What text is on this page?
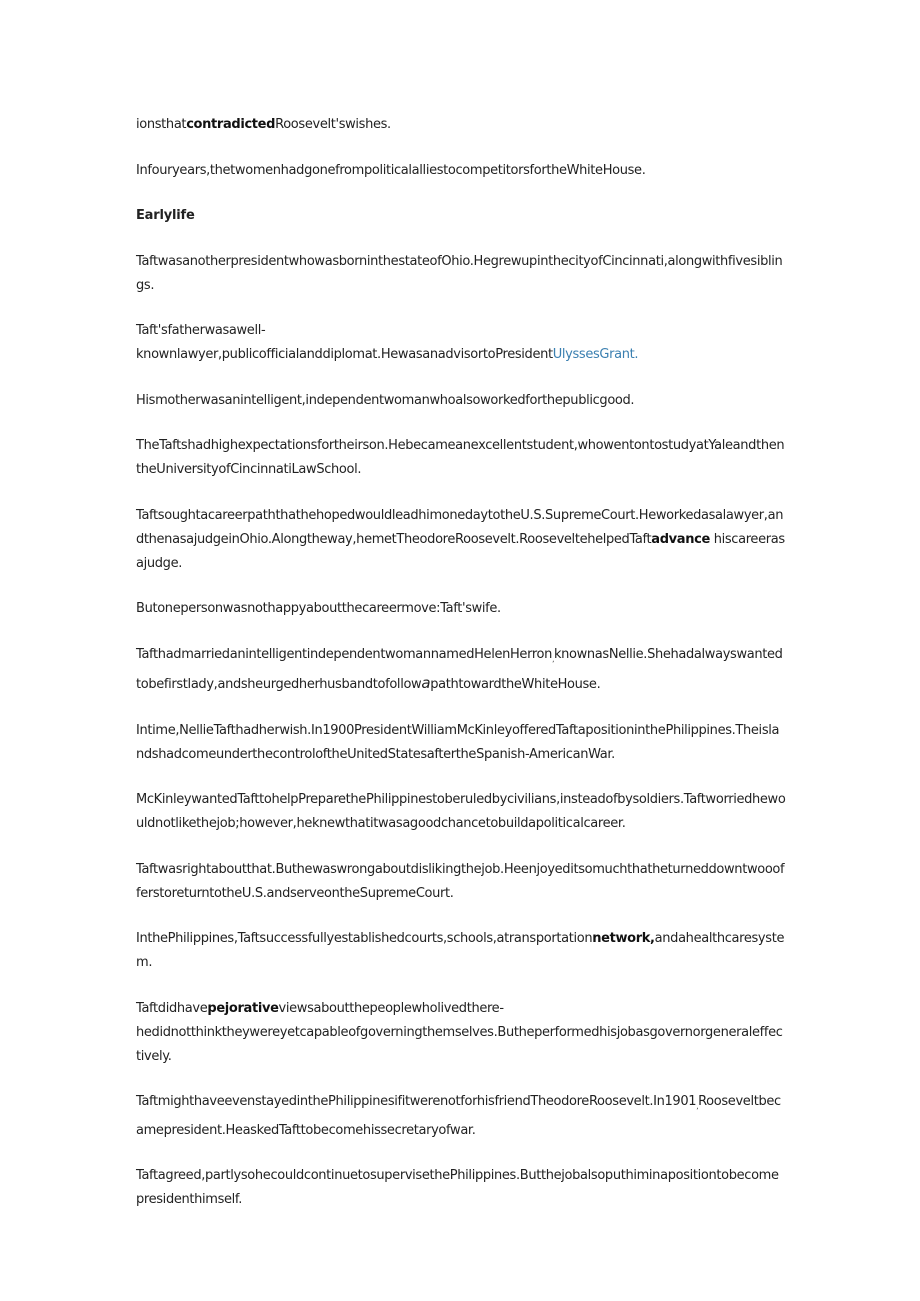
ionsthatcontradictedRoosevelt'swishes.

Infouryears,thetwomenhadgonefrompoliticalalliestocompetitorsfortheWhiteHouse.

Earlylife

TaftwasanotherpresidentwhowasborninthestateofOhio.HegrewupinthecityofCincinnati,alongwithfivesiblings.

Taft'sfatherwasawell-
knownlawyer,publicofficialanddiplomat.HewasanadvisortoPresidentUlyssesGrant.

Hismotherwasanintelligent,independentwomanwhoalsoworkedforthepublicgood.

TheTaftshadhighexpectationsfortheirson.Hebecameanexcellentstudent,whowentontostudyatYaleandthentheUniversityofCincinnatiLawSchool.

TaftsoughtacareerpaththathehopedwouldleadhimonedaytotheU.S.SupremeCourt.Heworkedasalawyer,andthenasajudgeinOhio.Alongtheway,hemetTheodoreRoosevelt.RooseveltehelpedTaftadvance hiscareerasajudge.

Butonepersonwasnothappyaboutthecareermove:Taft'swife.

TafthadmarriedanintelligentindependentwomannamedHelenHerron$_,$knownasNellie.Shehadalwayswantedtobefirstlady,andsheurgedherhusbandtofollowapathtowardtheWhiteHouse.

Intime,NellieTafthadherwish.In1900PresidentWilliamMcKinleyofferedTaftapositioninthePhilippines.TheislandshadcomeunderthecontroloftheUnitedStatesaftertheSpanish-AmericanWar.

McKinleywantedTafttohelpPreparethePhilippinestoberuledbycivilians,insteadofbysoldiers.Taftworriedhewouldnotlikethejob;however,heknewthatitwasagoodchancetobuildapoliticalcareer.

Taftwasrightaboutthat.Buthewaswrongaboutdislikingthejob.HeenjoyeditsomuchthatheturneddowntwooofferstoreturntotheU.S.andserveontheSupremeCourt.

InthePhilippines,Taftsuccessfullyestablishedcourts,schools,atransportationnetwork,andahealthcaresystem.

Taftdidhavepejorativeviewsaboutthepeoplewholivedthere-
hedidnotthinktheywereyetcapableofgoverningthemselves.Butheperformedhisjobasgovernorgeneraleffectively.

$TaftmighthaveevenstayedinthePhilippinesifitwerenotforhisfriendTheodoreRoosevelt.In1901_,Rooseveltbecamepresident.HeaskedT$afttobecomehissecretaryofwar.

Taftagreed,partlysohecouldcontinuetosupervisethePhilippines.Butthejobalsoputhiminapositiontobecomepresidenthimself.
